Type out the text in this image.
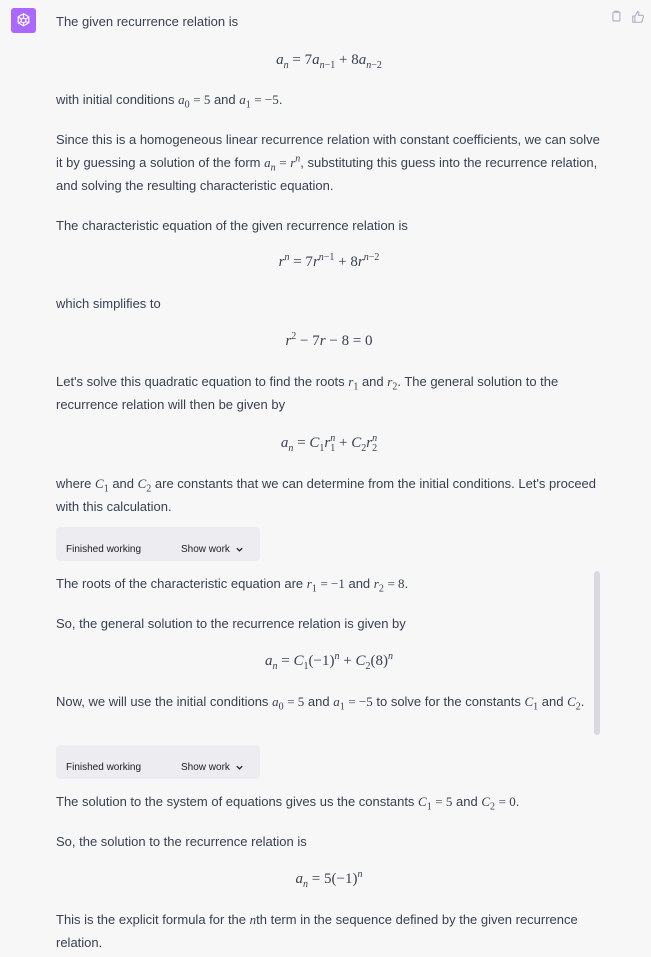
The given recurrence relation is

$a_n = 7a_{n-1} + 8a_{n-2}$

with initial conditions $a_0 = 5$ and $a_1 = -5$.

Since this is a homogeneous linear recurrence relation with constant coefficients, we can solve it by guessing a solution of the form $a_n = r^n$, substituting this guess into the recurrence relation, and solving the resulting characteristic equation.

The characteristic equation of the given recurrence relation is

$r^n = 7r^{n-1} + 8r^{n-2}$

which simplifies to

$r^2 - 7r - 8 = 0$

Let's solve this quadratic equation to find the roots $r_1$ and $r_2$. The general solution to the recurrence relation will then be given by

$a_n = C_1r_1^n + C_2r_2^n$

where $C_1$ and $C_2$ are constants that we can determine from the initial conditions. Let's proceed with this calculation.

Finished working	Show work

The roots of the characteristic equation are $r_1 = -1$ and $r_2 = 8$.

So, the general solution to the recurrence relation is given by

$a_n = C_1(-1)^n + C_2(8)^n$

Now, we will use the initial conditions $a_0 = 5$ and $a_1 = -5$ to solve for the constants $C_1$ and $C_2$.

Finished working	Show work

The solution to the system of equations gives us the constants $C_1 = 5$ and $C_2 = 0$.

So, the solution to the recurrence relation is

$a_n = 5(-1)^n$

This is the explicit formula for the nth term in the sequence defined by the given recurrence relation.
